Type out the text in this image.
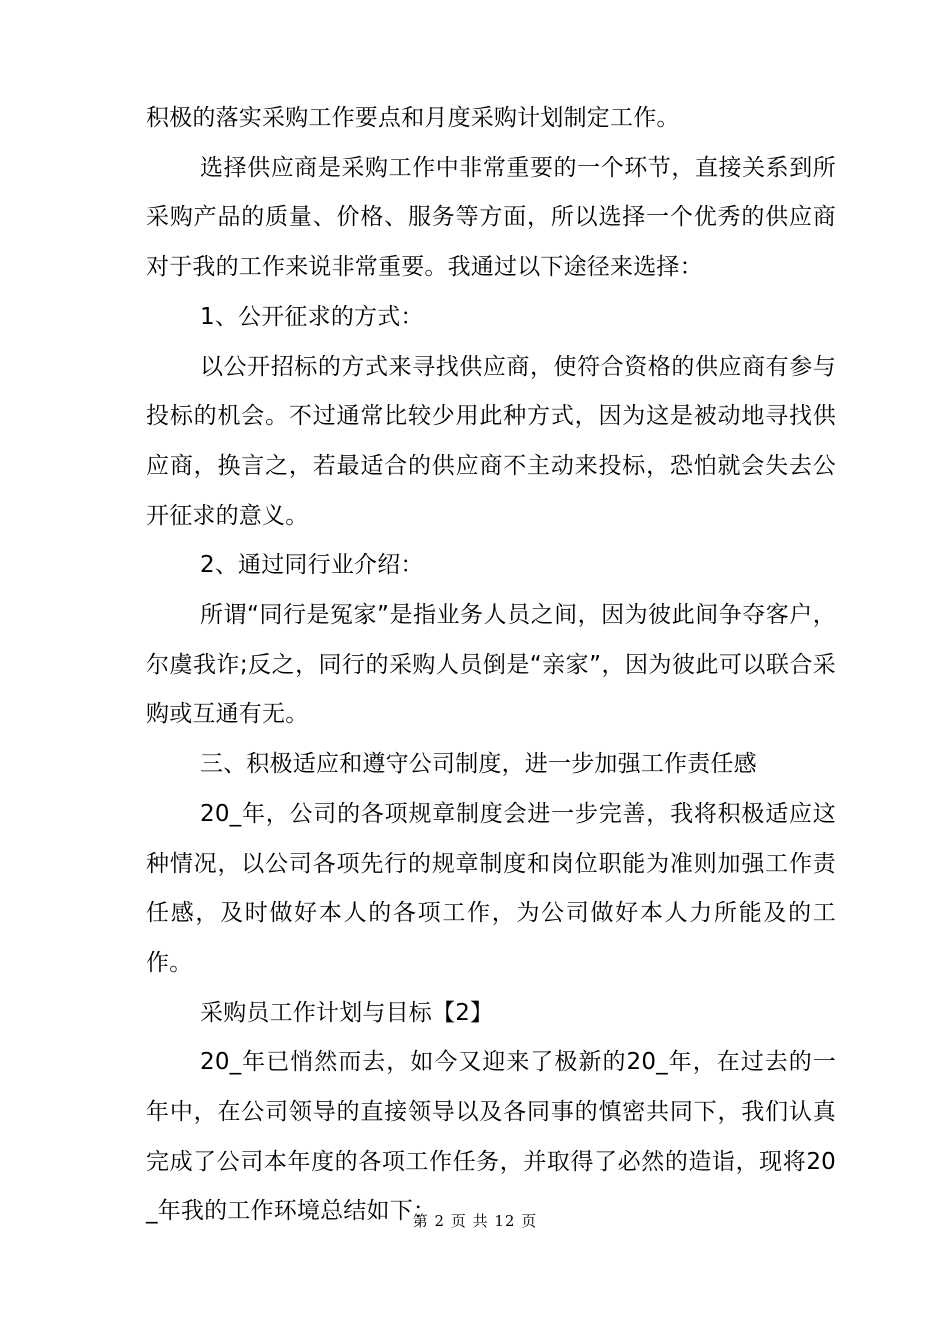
积极的落实采购工作要点和月度采购计划制定工作。

选择供应商是采购工作中非常重要的一个环节，直接关系到所采购产品的质量、价格、服务等方面，所以选择一个优秀的供应商对于我的工作来说非常重要。我通过以下途径来选择：

1、公开征求的方式：

以公开招标的方式来寻找供应商，使符合资格的供应商有参与投标的机会。不过通常比较少用此种方式，因为这是被动地寻找供应商，换言之，若最适合的供应商不主动来投标，恐怕就会失去公开征求的意义。

2、通过同行业介绍：

所谓“同行是冤家”是指业务人员之间，因为彼此间争夺客户，尔虞我诈;反之，同行的采购人员倒是“亲家”，因为彼此可以联合采购或互通有无。

三、积极适应和遵守公司制度，进一步加强工作责任感

20_年，公司的各项规章制度会进一步完善，我将积极适应这种情况，以公司各项先行的规章制度和岗位职能为准则加强工作责任感，及时做好本人的各项工作，为公司做好本人力所能及的工作。

采购员工作计划与目标【2】

20_年已悄然而去，如今又迎来了极新的20_年，在过去的一年中，在公司领导的直接领导以及各同事的慎密共同下，我们认真完成了公司本年度的各项工作任务，并取得了必然的造诣，现将20_年我的工作环境总结如下：

第 2 页 共 12 页
